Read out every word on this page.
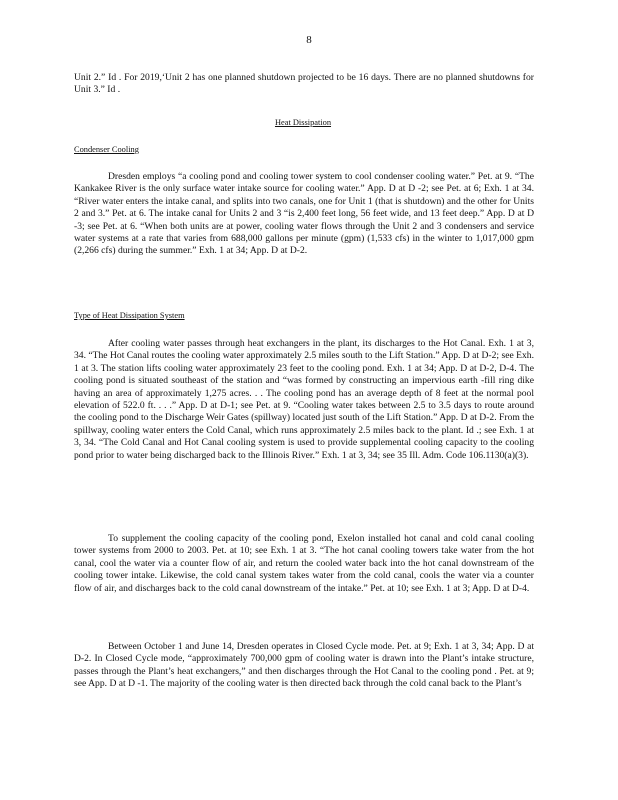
8

Unit 2.” Id . For 2019,‘Unit 2 has one planned shutdown projected to be 16 days. There are no planned shutdowns for Unit 3.” Id .

Heat Dissipation
Condenser Cooling

Dresden employs “a cooling pond and cooling tower system to cool condenser cooling water.” Pet. at 9. “The Kankakee River is the only surface water intake source for cooling water.” App. D at D -2; see Pet. at 6; Exh. 1 at 34. “River water enters the intake canal, and splits into two canals, one for Unit 1 (that is shutdown) and the other for Units 2 and 3.” Pet. at 6. The intake canal for Units 2 and 3 “is 2,400 feet long, 56 feet wide, and 13 feet deep.” App. D at D -3; see Pet. at 6. “When both units are at power, cooling water flows through the Unit 2 and 3 condensers and service water systems at a rate that varies from 688,000 gallons per minute (gpm) (1,533 cfs) in the winter to 1,017,000 gpm (2,266 cfs) during the summer.” Exh. 1 at 34; App. D at D-2.

Type of Heat Dissipation System

After cooling water passes through heat exchangers in the plant, its discharges to the Hot Canal. Exh. 1 at 3, 34. “The Hot Canal routes the cooling water approximately 2.5 miles south to the Lift Station.” App. D at D-2; see Exh. 1 at 3. The station lifts cooling water approximately 23 feet to the cooling pond. Exh. 1 at 34; App. D at D-2, D-4. The cooling pond is situated southeast of the station and “was formed by constructing an impervious earth -fill ring dike having an area of approximately 1,275 acres. . . The cooling pond has an average depth of 8 feet at the normal pool elevation of 522.0 ft. . . .” App. D at D-1; see Pet. at 9. “Cooling water takes between 2.5 to 3.5 days to route around the cooling pond to the Discharge Weir Gates (spillway) located just south of the Lift Station.” App. D at D-2. From the spillway, cooling water enters the Cold Canal, which runs approximately 2.5 miles back to the plant. Id .; see Exh. 1 at 3, 34. “The Cold Canal and Hot Canal cooling system is used to provide supplemental cooling capacity to the cooling pond prior to water being discharged back to the Illinois River.” Exh. 1 at 3, 34; see 35 Ill. Adm. Code 106.1130(a)(3).

To supplement the cooling capacity of the cooling pond, Exelon installed hot canal and cold canal cooling tower systems from 2000 to 2003. Pet. at 10; see Exh. 1 at 3. “The hot canal cooling towers take water from the hot canal, cool the water via a counter flow of air, and return the cooled water back into the hot canal downstream of the cooling tower intake. Likewise, the cold canal system takes water from the cold canal, cools the water via a counter flow of air, and discharges back to the cold canal downstream of the intake.” Pet. at 10; see Exh. 1 at 3; App. D at D-4.

Between October 1 and June 14, Dresden operates in Closed Cycle mode. Pet. at 9; Exh. 1 at 3, 34; App. D at D-2. In Closed Cycle mode, “approximately 700,000 gpm of cooling water is drawn into the Plant’s intake structure, passes through the Plant’s heat exchangers,” and then discharges through the Hot Canal to the cooling pond . Pet. at 9; see App. D at D -1. The majority of the cooling water is then directed back through the cold canal back to the Plant’s
